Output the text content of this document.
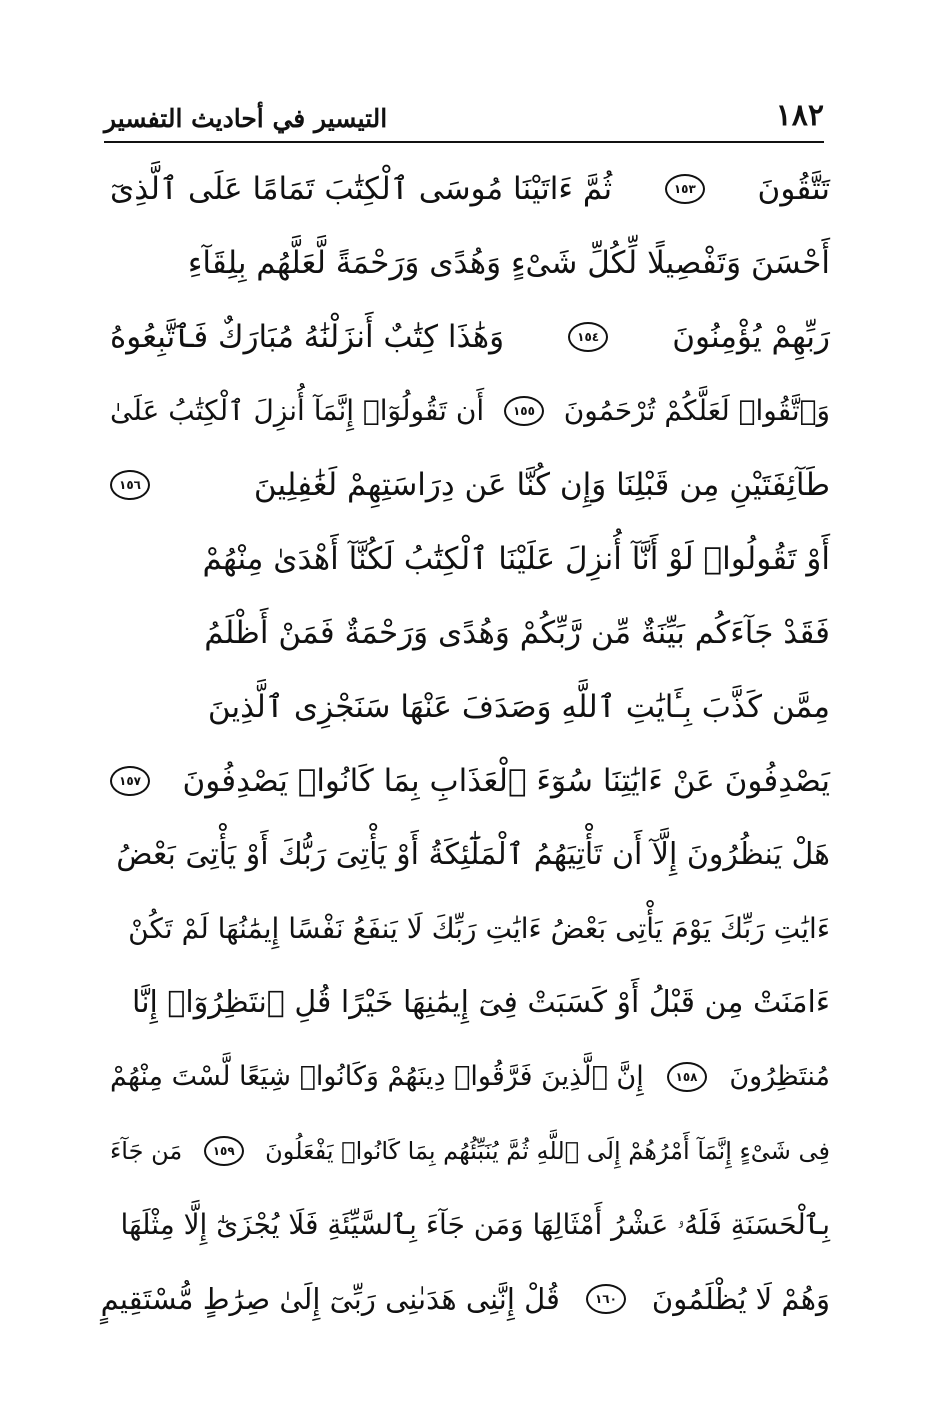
١٨٢
التيسير في أحاديث التفسير
تَتَّقُونَ
١٥٣
ثُمَّ ءَاتَيْنَا مُوسَى ٱلْكِتَٰبَ تَمَامًا عَلَى ٱلَّذِىٓ
أَحْسَنَ وَتَفْصِيلًا لِّكُلِّ شَىْءٍ وَهُدًى وَرَحْمَةً لَّعَلَّهُم بِلِقَآءِ
رَبِّهِمْ يُؤْمِنُونَ
١٥٤
وَهَٰذَا كِتَٰبٌ أَنزَلْنَٰهُ مُبَارَكٌ فَٱتَّبِعُوهُ
وَٱتَّقُوا۟ لَعَلَّكُمْ تُرْحَمُونَ
١٥٥
أَن تَقُولُوٓا۟ إِنَّمَآ أُنزِلَ ٱلْكِتَٰبُ عَلَىٰ
طَآئِفَتَيْنِ مِن قَبْلِنَا وَإِن كُنَّا عَن دِرَاسَتِهِمْ لَغَٰفِلِينَ
١٥٦
أَوْ تَقُولُوا۟ لَوْ أَنَّآ أُنزِلَ عَلَيْنَا ٱلْكِتَٰبُ لَكُنَّآ أَهْدَىٰ مِنْهُمْ
فَقَدْ جَآءَكُم بَيِّنَةٌ مِّن رَّبِّكُمْ وَهُدًى وَرَحْمَةٌ فَمَنْ أَظْلَمُ
مِمَّن كَذَّبَ بِـَٔايَٰتِ ٱللَّهِ وَصَدَفَ عَنْهَا سَنَجْزِى ٱلَّذِينَ
يَصْدِفُونَ عَنْ ءَايَٰتِنَا سُوٓءَ ٱلْعَذَابِ بِمَا كَانُوا۟ يَصْدِفُونَ
١٥٧
هَلْ يَنظُرُونَ إِلَّآ أَن تَأْتِيَهُمُ ٱلْمَلَٰٓئِكَةُ أَوْ يَأْتِىَ رَبُّكَ أَوْ يَأْتِىَ بَعْضُ
ءَايَٰتِ رَبِّكَ يَوْمَ يَأْتِى بَعْضُ ءَايَٰتِ رَبِّكَ لَا يَنفَعُ نَفْسًا إِيمَٰنُهَا لَمْ تَكُنْ
ءَامَنَتْ مِن قَبْلُ أَوْ كَسَبَتْ فِىٓ إِيمَٰنِهَا خَيْرًا قُلِ ٱنتَظِرُوٓا۟ إِنَّا
مُنتَظِرُونَ
١٥٨
إِنَّ ٱلَّذِينَ فَرَّقُوا۟ دِينَهُمْ وَكَانُوا۟ شِيَعًا لَّسْتَ مِنْهُمْ
فِى شَىْءٍ إِنَّمَآ أَمْرُهُمْ إِلَى ٱللَّهِ ثُمَّ يُنَبِّئُهُم بِمَا كَانُوا۟ يَفْعَلُونَ
١٥٩
مَن جَآءَ
بِٱلْحَسَنَةِ فَلَهُۥ عَشْرُ أَمْثَالِهَا وَمَن جَآءَ بِٱلسَّيِّئَةِ فَلَا يُجْزَىٰٓ إِلَّا مِثْلَهَا
وَهُمْ لَا يُظْلَمُونَ
١٦٠
قُلْ إِنَّنِى هَدَىٰنِى رَبِّىٓ إِلَىٰ صِرَٰطٍ مُّسْتَقِيمٍ
